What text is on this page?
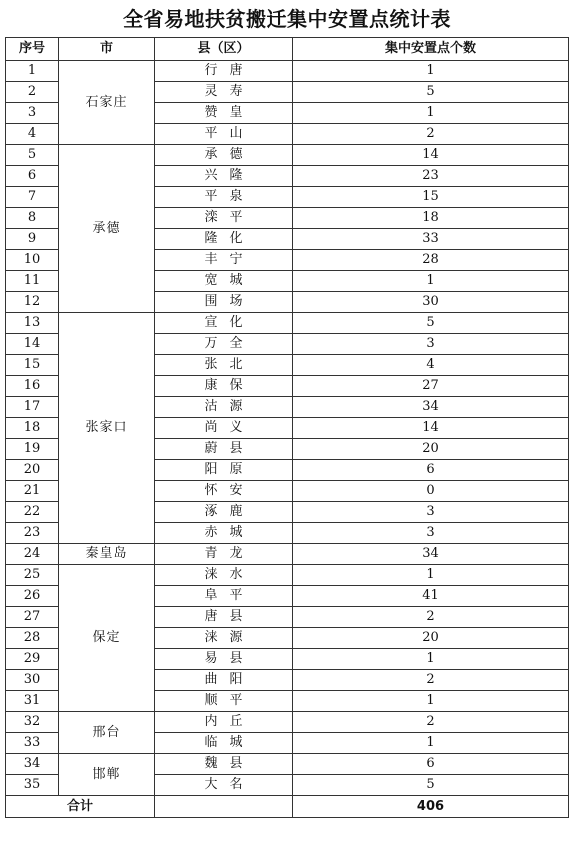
全省易地扶贫搬迁集中安置点统计表
序号	市	县（区）	集中安置点个数
1	石家庄	行唐	1
2		灵寿	5
3		赞皇	1
4		平山	2
5	承德	承德	14
6		兴隆	23
7		平泉	15
8		滦平	18
9		隆化	33
10		丰宁	28
11		宽城	1
12		围场	30
13	张家口	宣化	5
14		万全	3
15		张北	4
16		康保	27
17		沽源	34
18		尚义	14
19		蔚县	20
20		阳原	6
21		怀安	0
22		涿鹿	3
23		赤城	3
24	秦皇岛	青龙	34
25	保定	涞水	1
26		阜平	41
27		唐县	2
28		涞源	20
29		易县	1
30		曲阳	2
31		顺平	1
32	邢台	内丘	2
33		临城	1
34	邯郸	魏县	6
35		大名	5
合计			406
